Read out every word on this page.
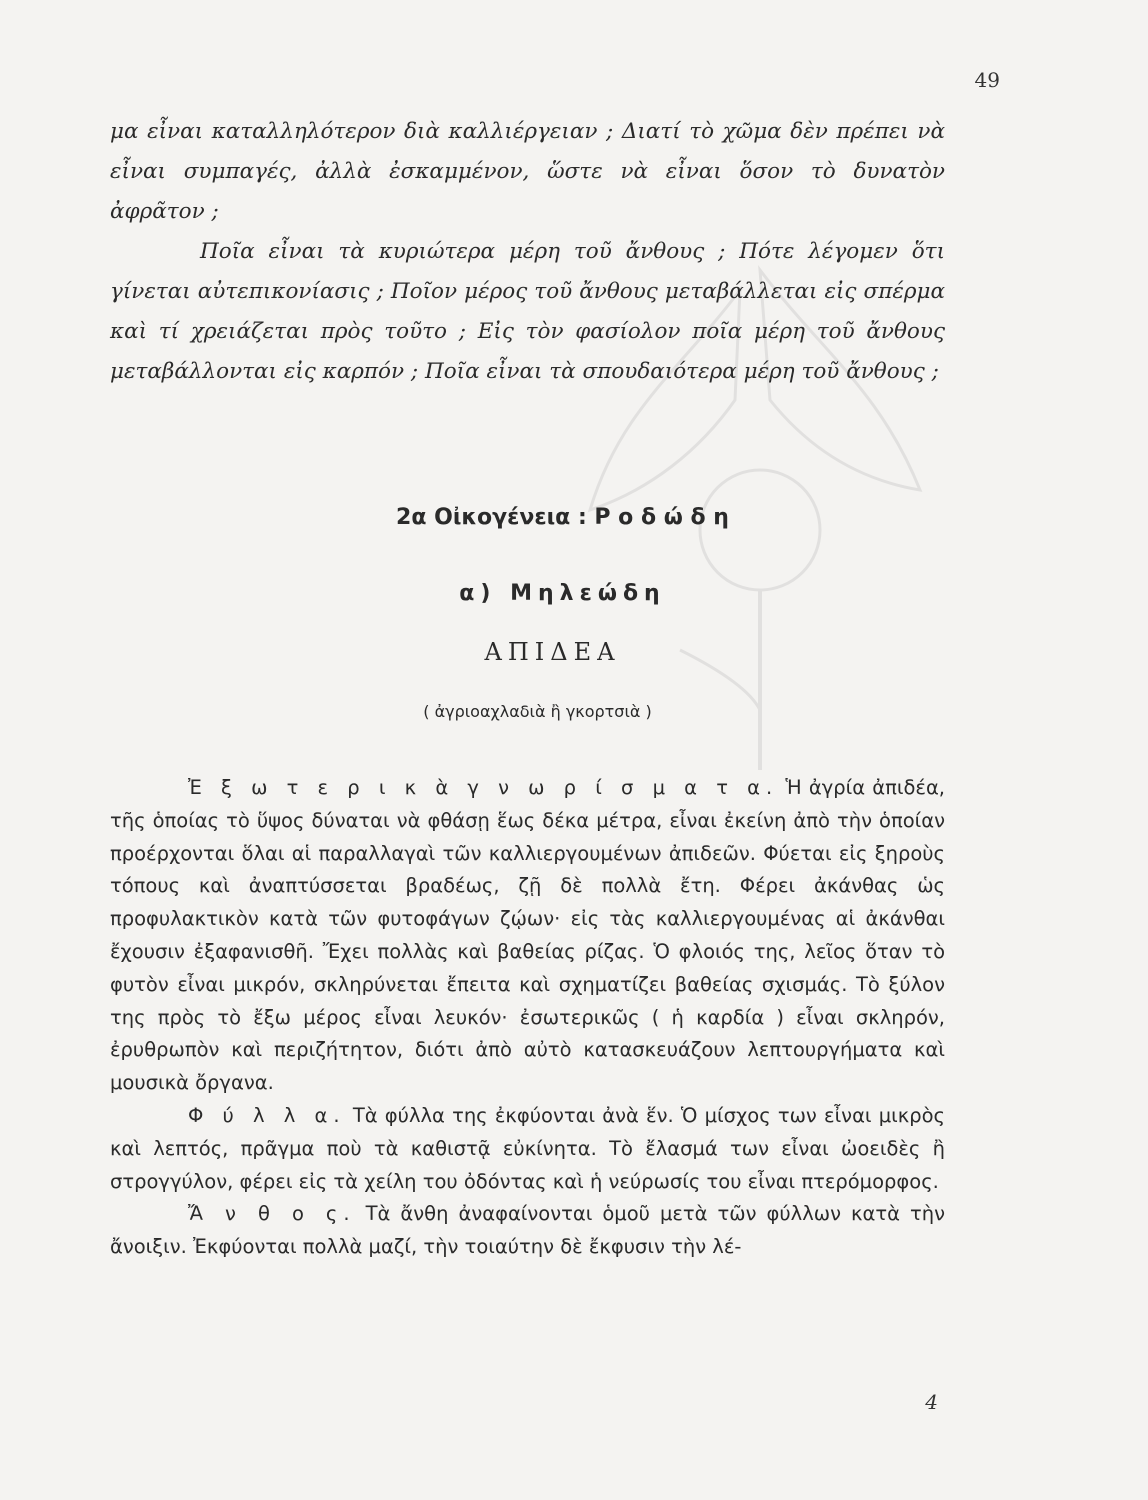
49

μα εἶναι καταλληλότερον διὰ καλλιέργειαν ; Διατί τὸ χῶμα δὲν πρέπει νὰ εἶναι συμπαγές, ἀλλὰ ἐσκαμμένον, ὥστε νὰ εἶναι ὅσον τὸ δυνατὸν ἀφρᾶτον ;

Ποῖα εἶναι τὰ κυριώτερα μέρη τοῦ ἄνθους ; Πότε λέγομεν ὅτι γίνεται αὐτεπικονίασις ; Ποῖον μέρος τοῦ ἄνθους μεταβάλλεται εἰς σπέρμα καὶ τί χρειάζεται πρὸς τοῦτο ; Εἰς τὸν φασίολον ποῖα μέρη τοῦ ἄνθους μεταβάλλονται εἰς καρπόν ; Ποῖα εἶναι τὰ σπουδαιότερα μέρη τοῦ ἄνθους ;

2α Οἰκογένεια : Ρ ο δ ώ δ η
α) Μηλεώδη
ΑΠΙΔΕΑ
( ἀγριοαχλαδιὰ ἢ γκορτσιὰ )

Ἐ ξ ω τ ε ρ ι κ ὰ γ ν ω ρ ί σ μ α τ α. Ἡ ἀγρία ἀπιδέα, τῆς ὁποίας τὸ ὕψος δύναται νὰ φθάσῃ ἕως δέκα μέτρα, εἶναι ἐκείνη ἀπὸ τὴν ὁποίαν προέρχονται ὅλαι αἱ παραλλαγαὶ τῶν καλλιεργουμένων ἀπιδεῶν. Φύεται εἰς ξηροὺς τόπους καὶ ἀναπτύσσεται βραδέως, ζῇ δὲ πολλὰ ἔτη. Φέρει ἀκάνθας ὡς προφυλακτικὸν κατὰ τῶν φυτοφάγων ζῴων· εἰς τὰς καλλιεργουμένας αἱ ἀκάνθαι ἔχουσιν ἐξαφανισθῆ. Ἔχει πολλὰς καὶ βαθείας ρίζας. Ὁ φλοιός της, λεῖος ὅταν τὸ φυτὸν εἶναι μικρόν, σκληρύνεται ἔπειτα καὶ σχηματίζει βαθείας σχισμάς. Τὸ ξύλον της πρὸς τὸ ἔξω μέρος εἶναι λευκόν· ἐσωτερικῶς ( ἡ καρδία ) εἶναι σκληρόν, ἐρυθρωπὸν καὶ περιζήτητον, διότι ἀπὸ αὐτὸ κατασκευάζουν λεπτουργήματα καὶ μουσικὰ ὄργανα.

Φ ύ λ λ α. Τὰ φύλλα της ἐκφύονται ἀνὰ ἕν. Ὁ μίσχος των εἶναι μικρὸς καὶ λεπτός, πρᾶγμα ποὺ τὰ καθιστᾷ εὐκίνητα. Τὸ ἔλασμά των εἶναι ὠοειδὲς ἢ στρογγύλον, φέρει εἰς τὰ χείλη του ὀδόντας καὶ ἡ νεύρωσίς του εἶναι πτερόμορφος.

Ἄ ν θ ο ς. Τὰ ἄνθη ἀναφαίνονται ὁμοῦ μετὰ τῶν φύλλων κατὰ τὴν ἄνοιξιν. Ἐκφύονται πολλὰ μαζί, τὴν τοιαύτην δὲ ἔκφυσιν τὴν λέ-

4
